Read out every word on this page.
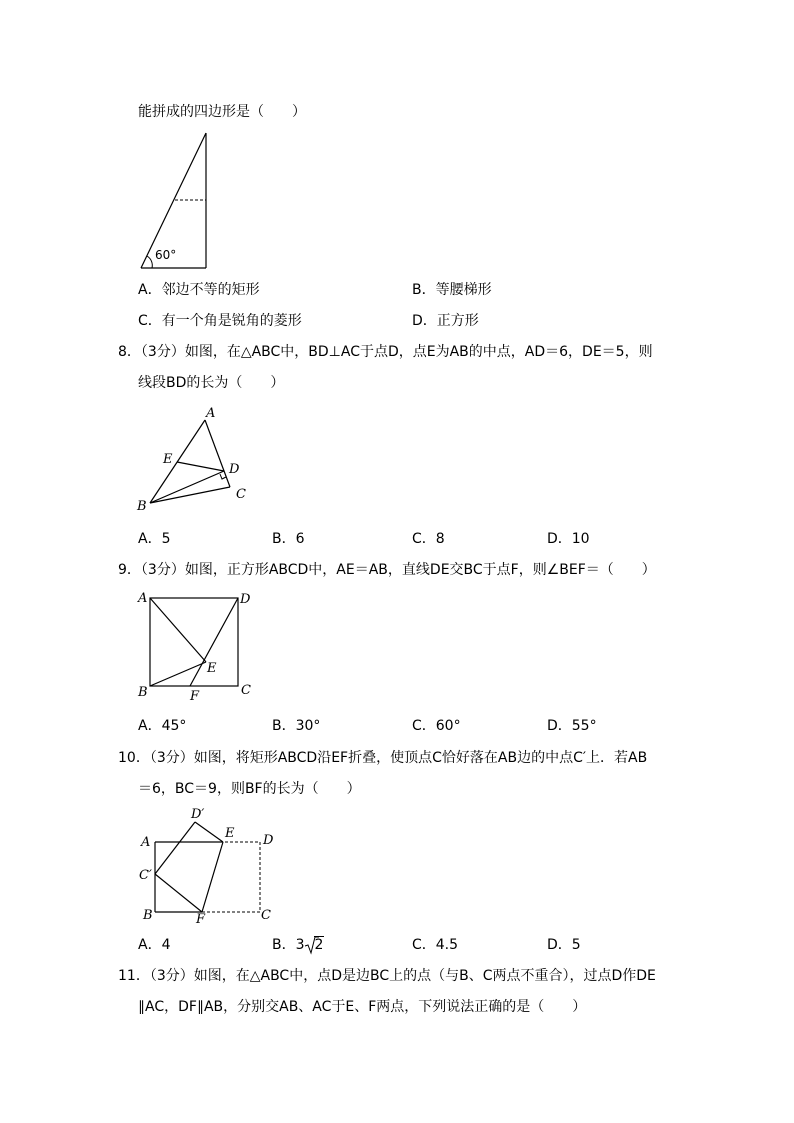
能拼成的四边形是（　　）
60°
A．邻边不等的矩形	B．等腰梯形
C．有一个角是锐角的菱形	D．正方形
8．（3分）如图，在△ABC中，BD⊥AC于点D，点E为AB的中点，AD＝6，DE＝5，则
线段BD的长为（　　）
A
B
C
D
E
A．5	B．6	C．8	D．10
9．（3分）如图，正方形ABCD中，AE＝AB，直线DE交BC于点F，则∠BEF＝（　　）
A	D
B	C
E
F
A．45°	B．30°	C．60°	D．55°
10．（3分）如图，将矩形ABCD沿EF折叠，使顶点C恰好落在AB边的中点C′上．若AB
＝6，BC＝9，则BF的长为（　　）
A
D′
E D
C′
B	F	C
A．4	B．3 2	C．4.5	D．5
11．（3分）如图，在△ABC中，点D是边BC上的点（与B、C两点不重合），过点D作DE
∥AC，DF∥AB，分别交AB、AC于E、F两点，下列说法正确的是（　　）
